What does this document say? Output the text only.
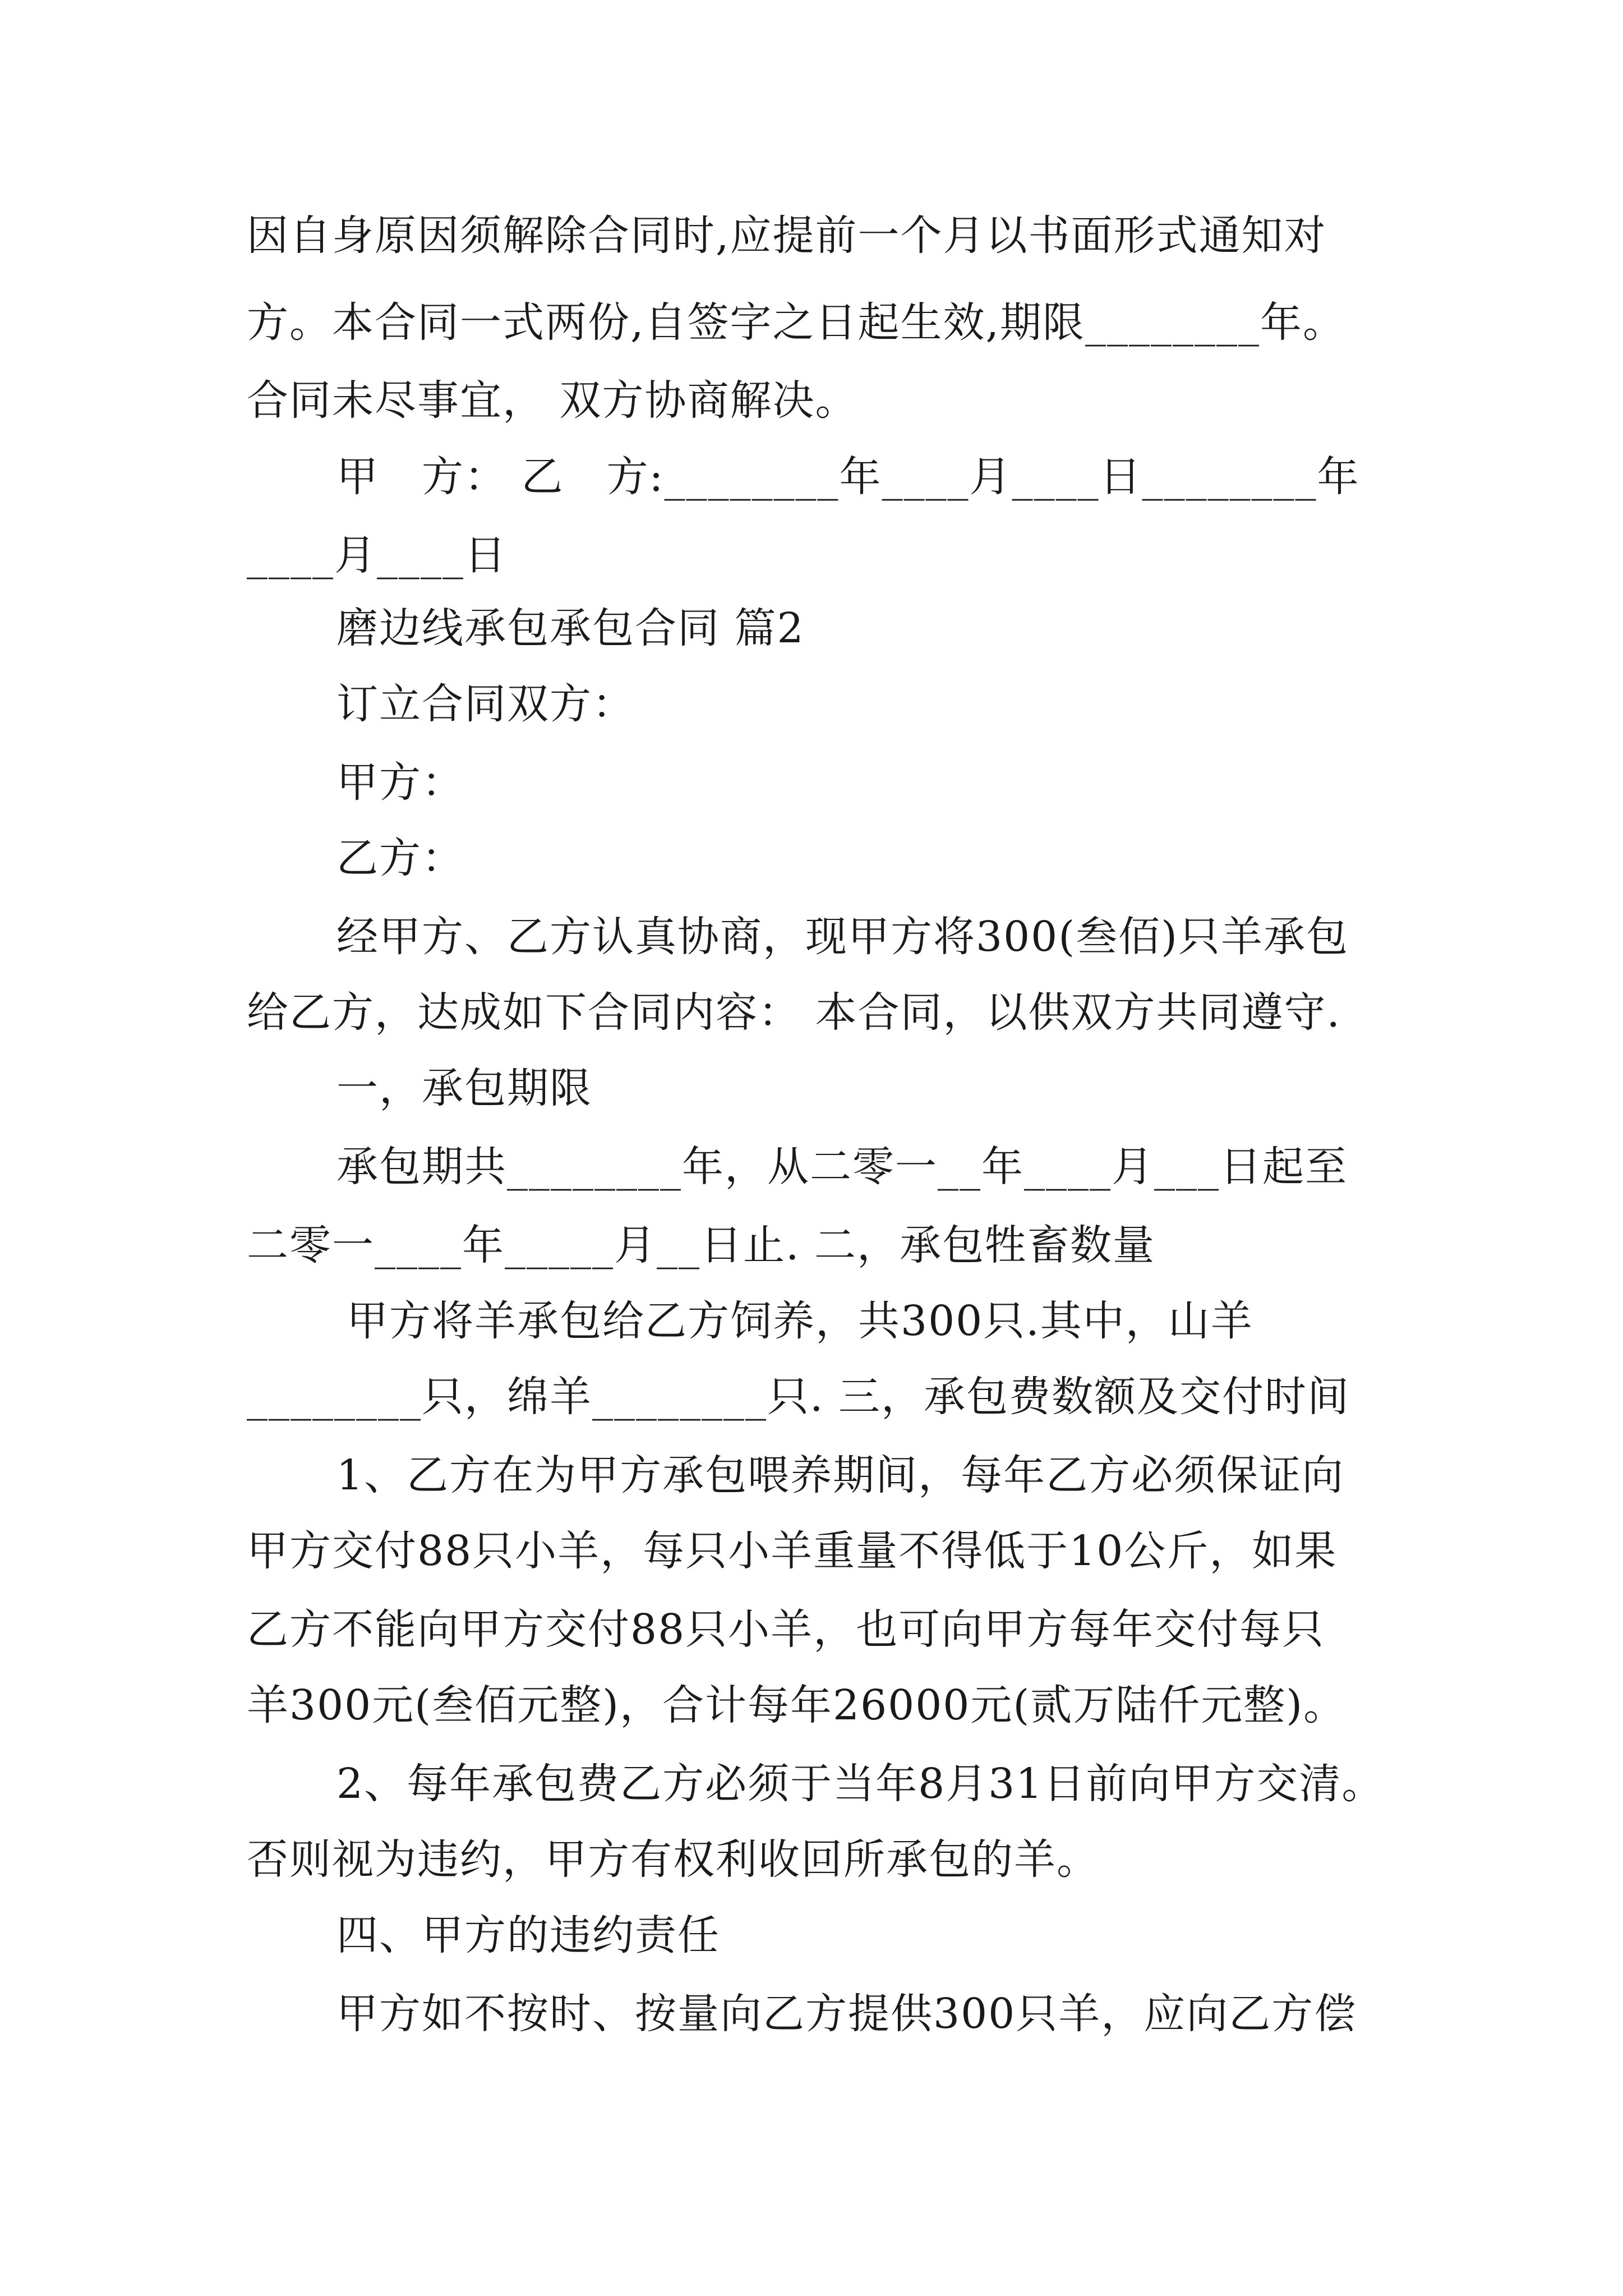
因自身原因须解除合同时,应提前一个月以书面形式通知对
方。本合同一式两份,自签字之日起生效,期限________年。
合同未尽事宜， 双方协商解决。
甲　方： 乙　方:________年____月____日________年
____月____日
磨边线承包承包合同 篇2
订立合同双方：
甲方：
乙方：
经甲方、乙方认真协商，现甲方将300(叁佰)只羊承包
给乙方，达成如下合同内容： 本合同，以供双方共同遵守.
一，承包期限
承包期共________年，从二零一__年____月___日起至
二零一____年_____月__日止. 二，承包牲畜数量
甲方将羊承包给乙方饲养，共300只.其中，山羊
________只，绵羊________只. 三，承包费数额及交付时间
1、乙方在为甲方承包喂养期间，每年乙方必须保证向
甲方交付88只小羊，每只小羊重量不得低于10公斤，如果
乙方不能向甲方交付88只小羊，也可向甲方每年交付每只
羊300元(叁佰元整)，合计每年26000元(贰万陆仟元整)。
2、每年承包费乙方必须于当年8月31日前向甲方交清。
否则视为违约，甲方有权利收回所承包的羊。
四、甲方的违约责任
甲方如不按时、按量向乙方提供300只羊，应向乙方偿
